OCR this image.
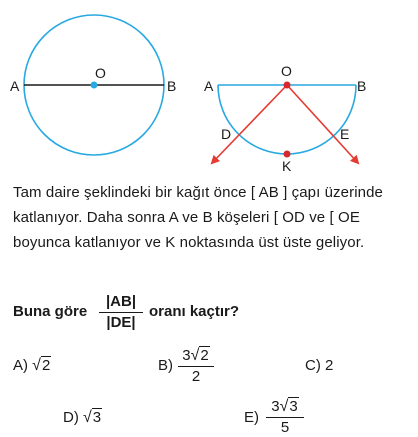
A
O
B A
O
B
D	E
K

Tam daire şeklindeki bir kağıt önce [ AB ] çapı üzerinde katlanıyor. Daha sonra A ve B köşeleri [ OD ve [ OE boyunca katlanıyor ve K noktasında üst üste geliyor.

Buna göre
|AB|
|DE|
oranı kaçtır?
A) √2	B)
3√2
2
C) 2
D) √3	E)
3√3
5
